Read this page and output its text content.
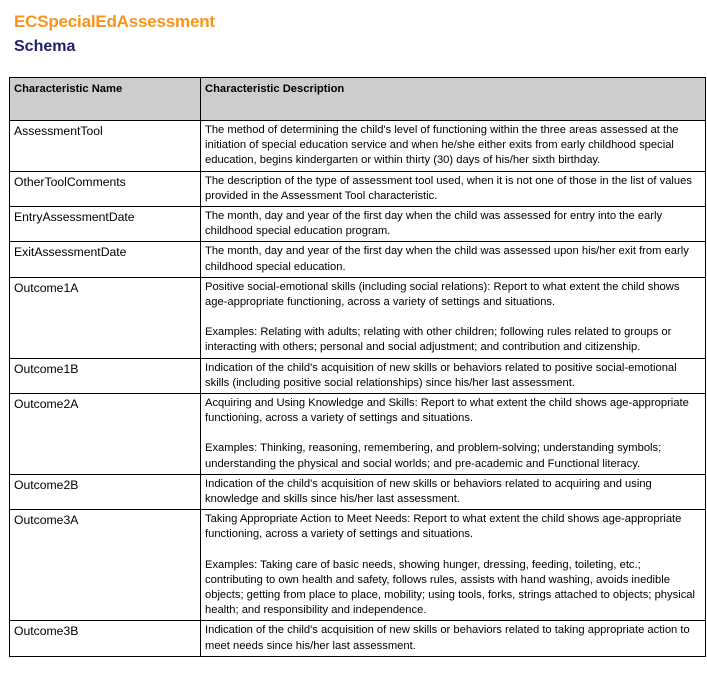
ECSpecialEdAssessment
Schema
Characteristic Name	Characteristic Description
AssessmentTool	The method of determining the child's level of functioning within the three areas assessed at the initiation of special education service and when he/she either exits from early childhood special education, begins kindergarten or within thirty (30) days of his/her sixth birthday.

OtherToolComments	The description of the type of assessment tool used, when it is not one of those in the list of values provided in the Assessment Tool characteristic.

EntryAssessmentDate	The month, day and year of the first day when the child was assessed for entry into the early childhood special education program.

ExitAssessmentDate	The month, day and year of the first day when the child was assessed upon his/her exit from early childhood special education.

Outcome1A	Positive social-emotional skills (including social relations): Report to what extent the child shows age-appropriate functioning, across a variety of settings and situations.
Examples: Relating with adults; relating with other children; following rules related to groups or interacting with others; personal and social adjustment; and contribution and citizenship.

Outcome1B	Indication of the child's acquisition of new skills or behaviors related to positive social-emotional skills (including positive social relationships) since his/her last assessment.

Outcome2A	Acquiring and Using Knowledge and Skills: Report to what extent the child shows age-appropriate functioning, across a variety of settings and situations.
Examples: Thinking, reasoning, remembering, and problem-solving; understanding symbols; understanding the physical and social worlds; and pre-academic and Functional literacy.

Outcome2B	Indication of the child's acquisition of new skills or behaviors related to acquiring and using knowledge and skills since his/her last assessment.

Outcome3A	Taking Appropriate Action to Meet Needs: Report to what extent the child shows age-appropriate functioning, across a variety of settings and situations.
Examples: Taking care of basic needs, showing hunger, dressing, feeding, toileting, etc.; contributing to own health and safety, follows rules, assists with hand washing, avoids inedible objects; getting from place to place, mobility; using tools, forks, strings attached to objects; physical health; and responsibility and independence.

Outcome3B	Indication of the child's acquisition of new skills or behaviors related to taking appropriate action to meet needs since his/her last assessment.
